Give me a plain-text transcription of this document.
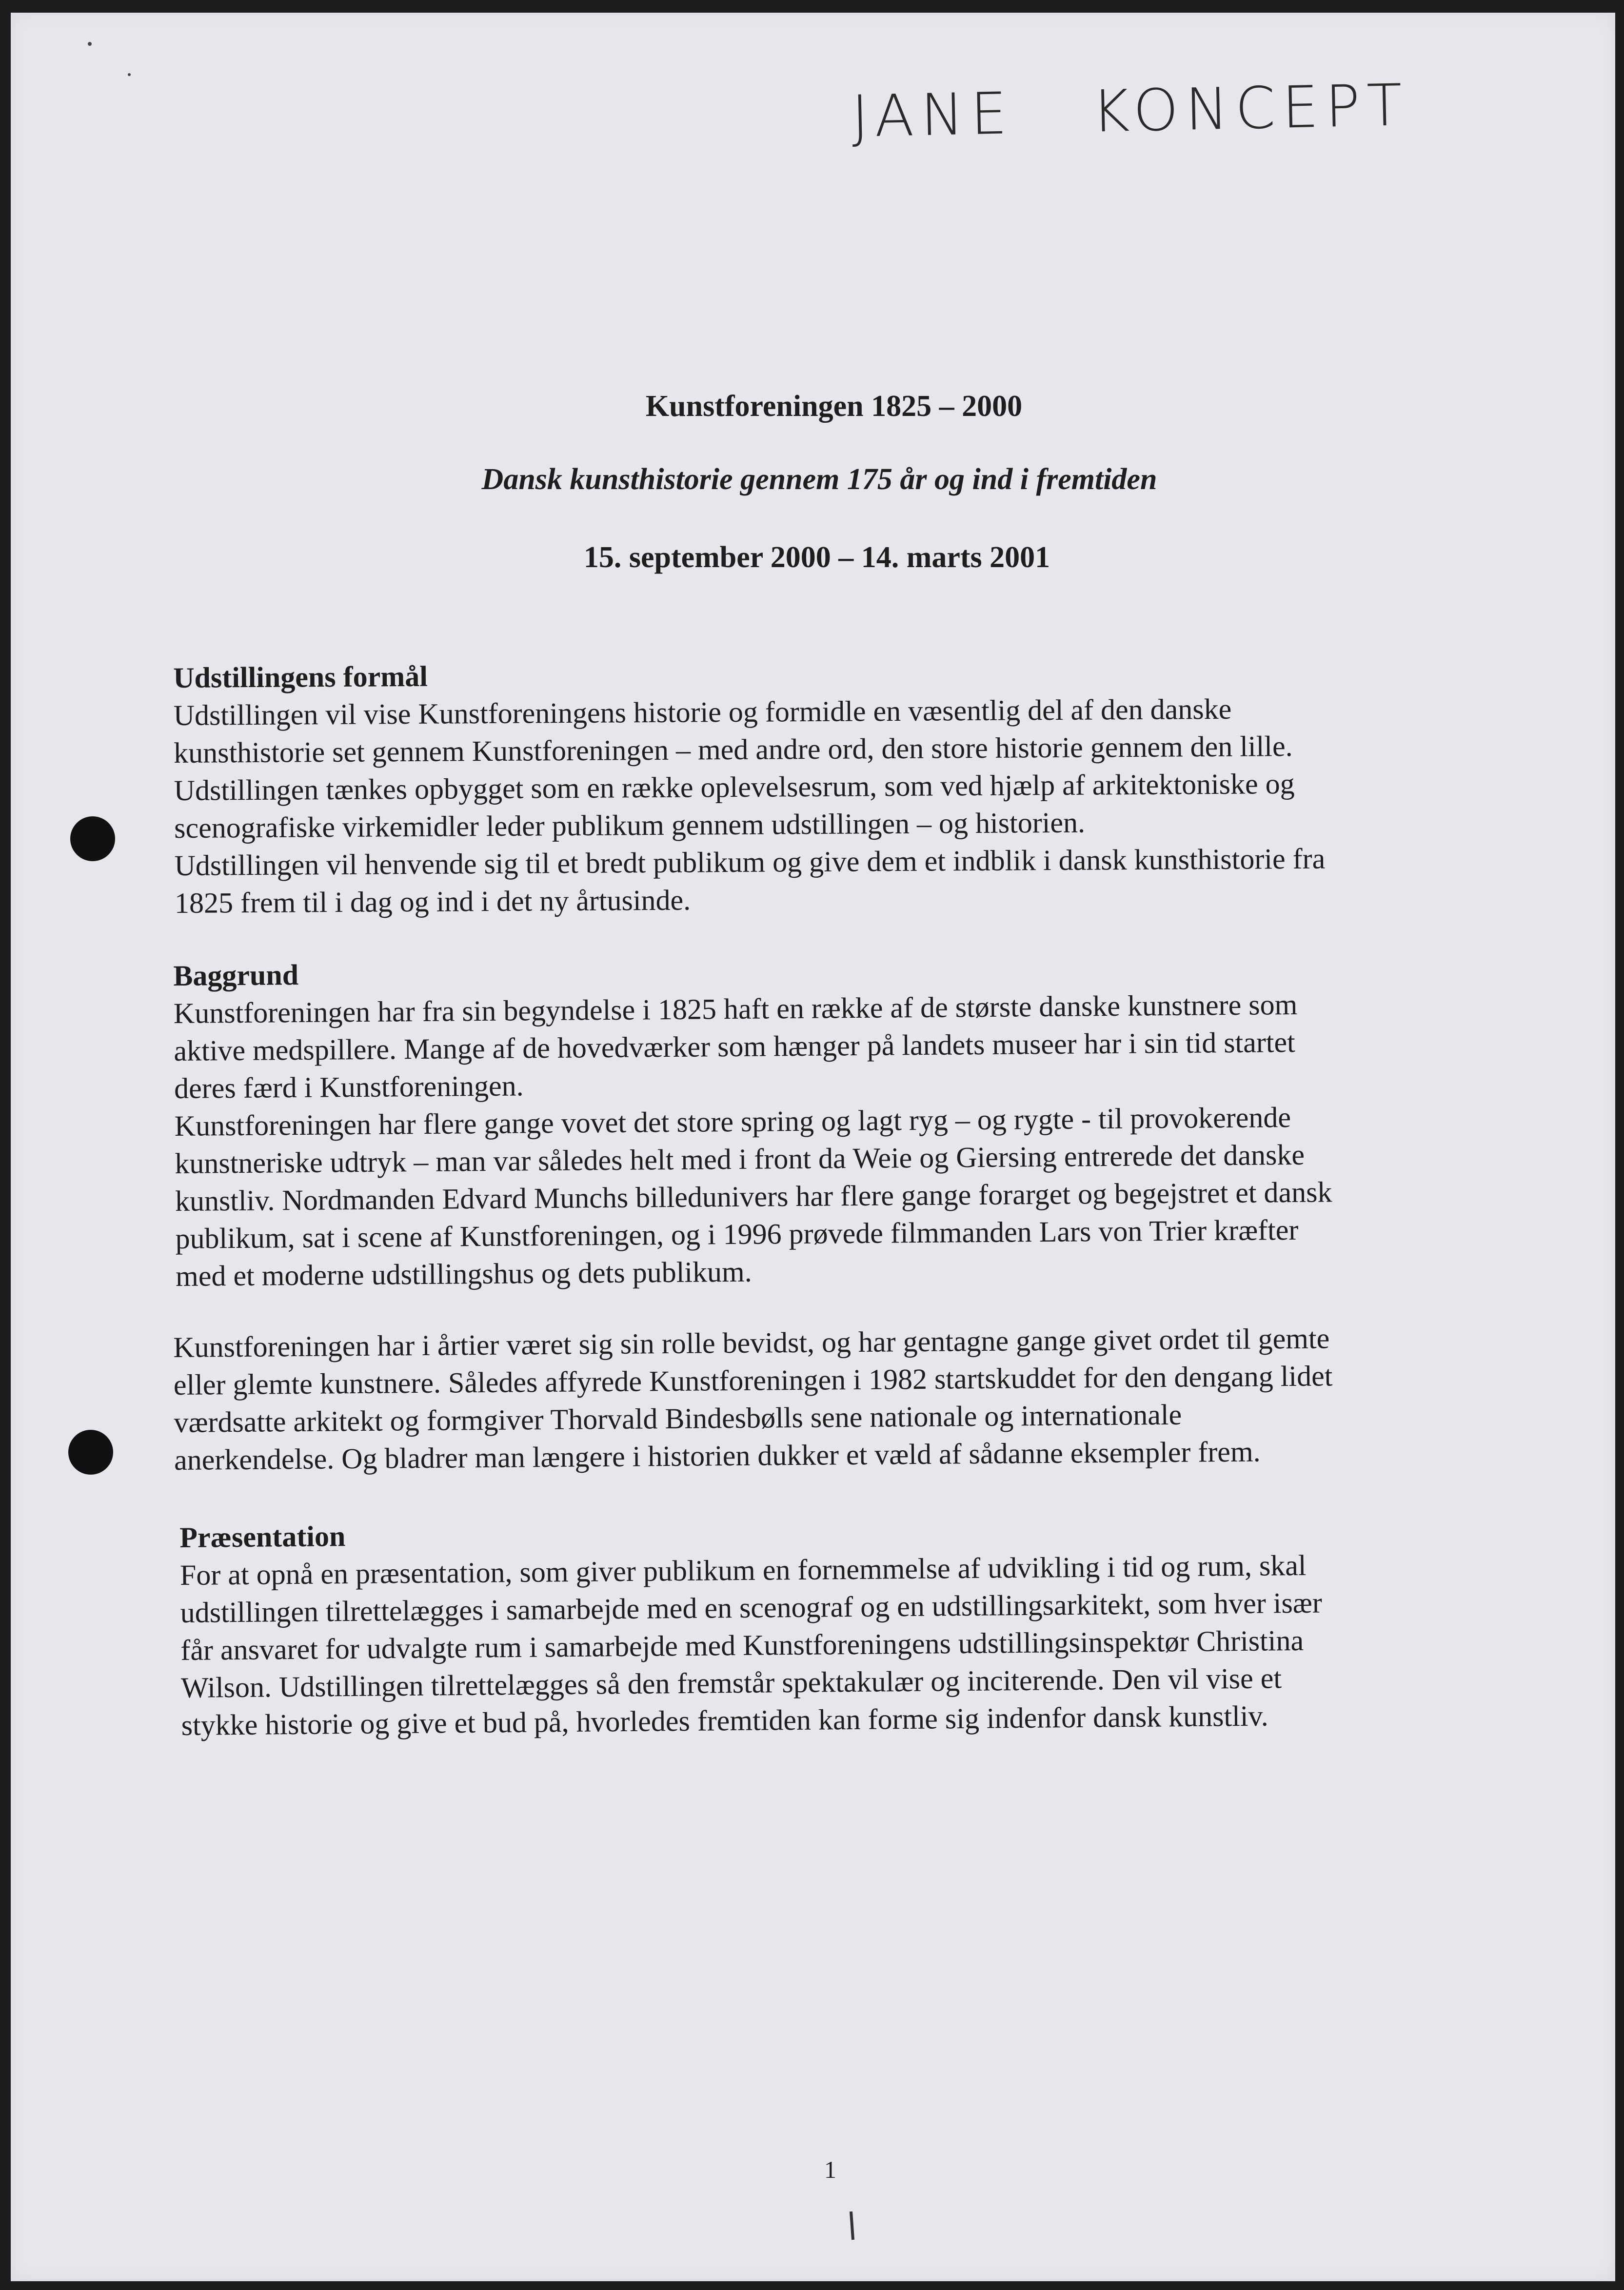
JANE KONCEPT
Kunstforeningen 1825 – 2000
Dansk kunsthistorie gennem 175 år og ind i fremtiden
15. september 2000 – 14. marts 2001
Udstillingens formål

Udstillingen vil vise Kunstforeningens historie og formidle en væsentlig del af den danske

kunsthistorie set gennem Kunstforeningen – med andre ord, den store historie gennem den lille.

Udstillingen tænkes opbygget som en række oplevelsesrum, som ved hjælp af arkitektoniske og

scenografiske virkemidler leder publikum gennem udstillingen – og historien.

Udstillingen vil henvende sig til et bredt publikum og give dem et indblik i dansk kunsthistorie fra

1825 frem til i dag og ind i det ny årtusinde.

Baggrund

Kunstforeningen har fra sin begyndelse i 1825 haft en række af de største danske kunstnere som

aktive medspillere. Mange af de hovedværker som hænger på landets museer har i sin tid startet

deres færd i Kunstforeningen.

Kunstforeningen har flere gange vovet det store spring og lagt ryg – og rygte - til provokerende

kunstneriske udtryk – man var således helt med i front da Weie og Giersing entrerede det danske

kunstliv. Nordmanden Edvard Munchs billedunivers har flere gange forarget og begejstret et dansk

publikum, sat i scene af Kunstforeningen, og i 1996 prøvede filmmanden Lars von Trier kræfter

med et moderne udstillingshus og dets publikum.

Kunstforeningen har i årtier været sig sin rolle bevidst, og har gentagne gange givet ordet til gemte

eller glemte kunstnere. Således affyrede Kunstforeningen i 1982 startskuddet for den dengang lidet

værdsatte arkitekt og formgiver Thorvald Bindesbølls sene nationale og internationale

anerkendelse. Og bladrer man længere i historien dukker et væld af sådanne eksempler frem.

Præsentation

For at opnå en præsentation, som giver publikum en fornemmelse af udvikling i tid og rum, skal

udstillingen tilrettelægges i samarbejde med en scenograf og en udstillingsarkitekt, som hver især

får ansvaret for udvalgte rum i samarbejde med Kunstforeningens udstillingsinspektør Christina

Wilson. Udstillingen tilrettelægges så den fremstår spektakulær og inciterende. Den vil vise et

stykke historie og give et bud på, hvorledes fremtiden kan forme sig indenfor dansk kunstliv.

1
